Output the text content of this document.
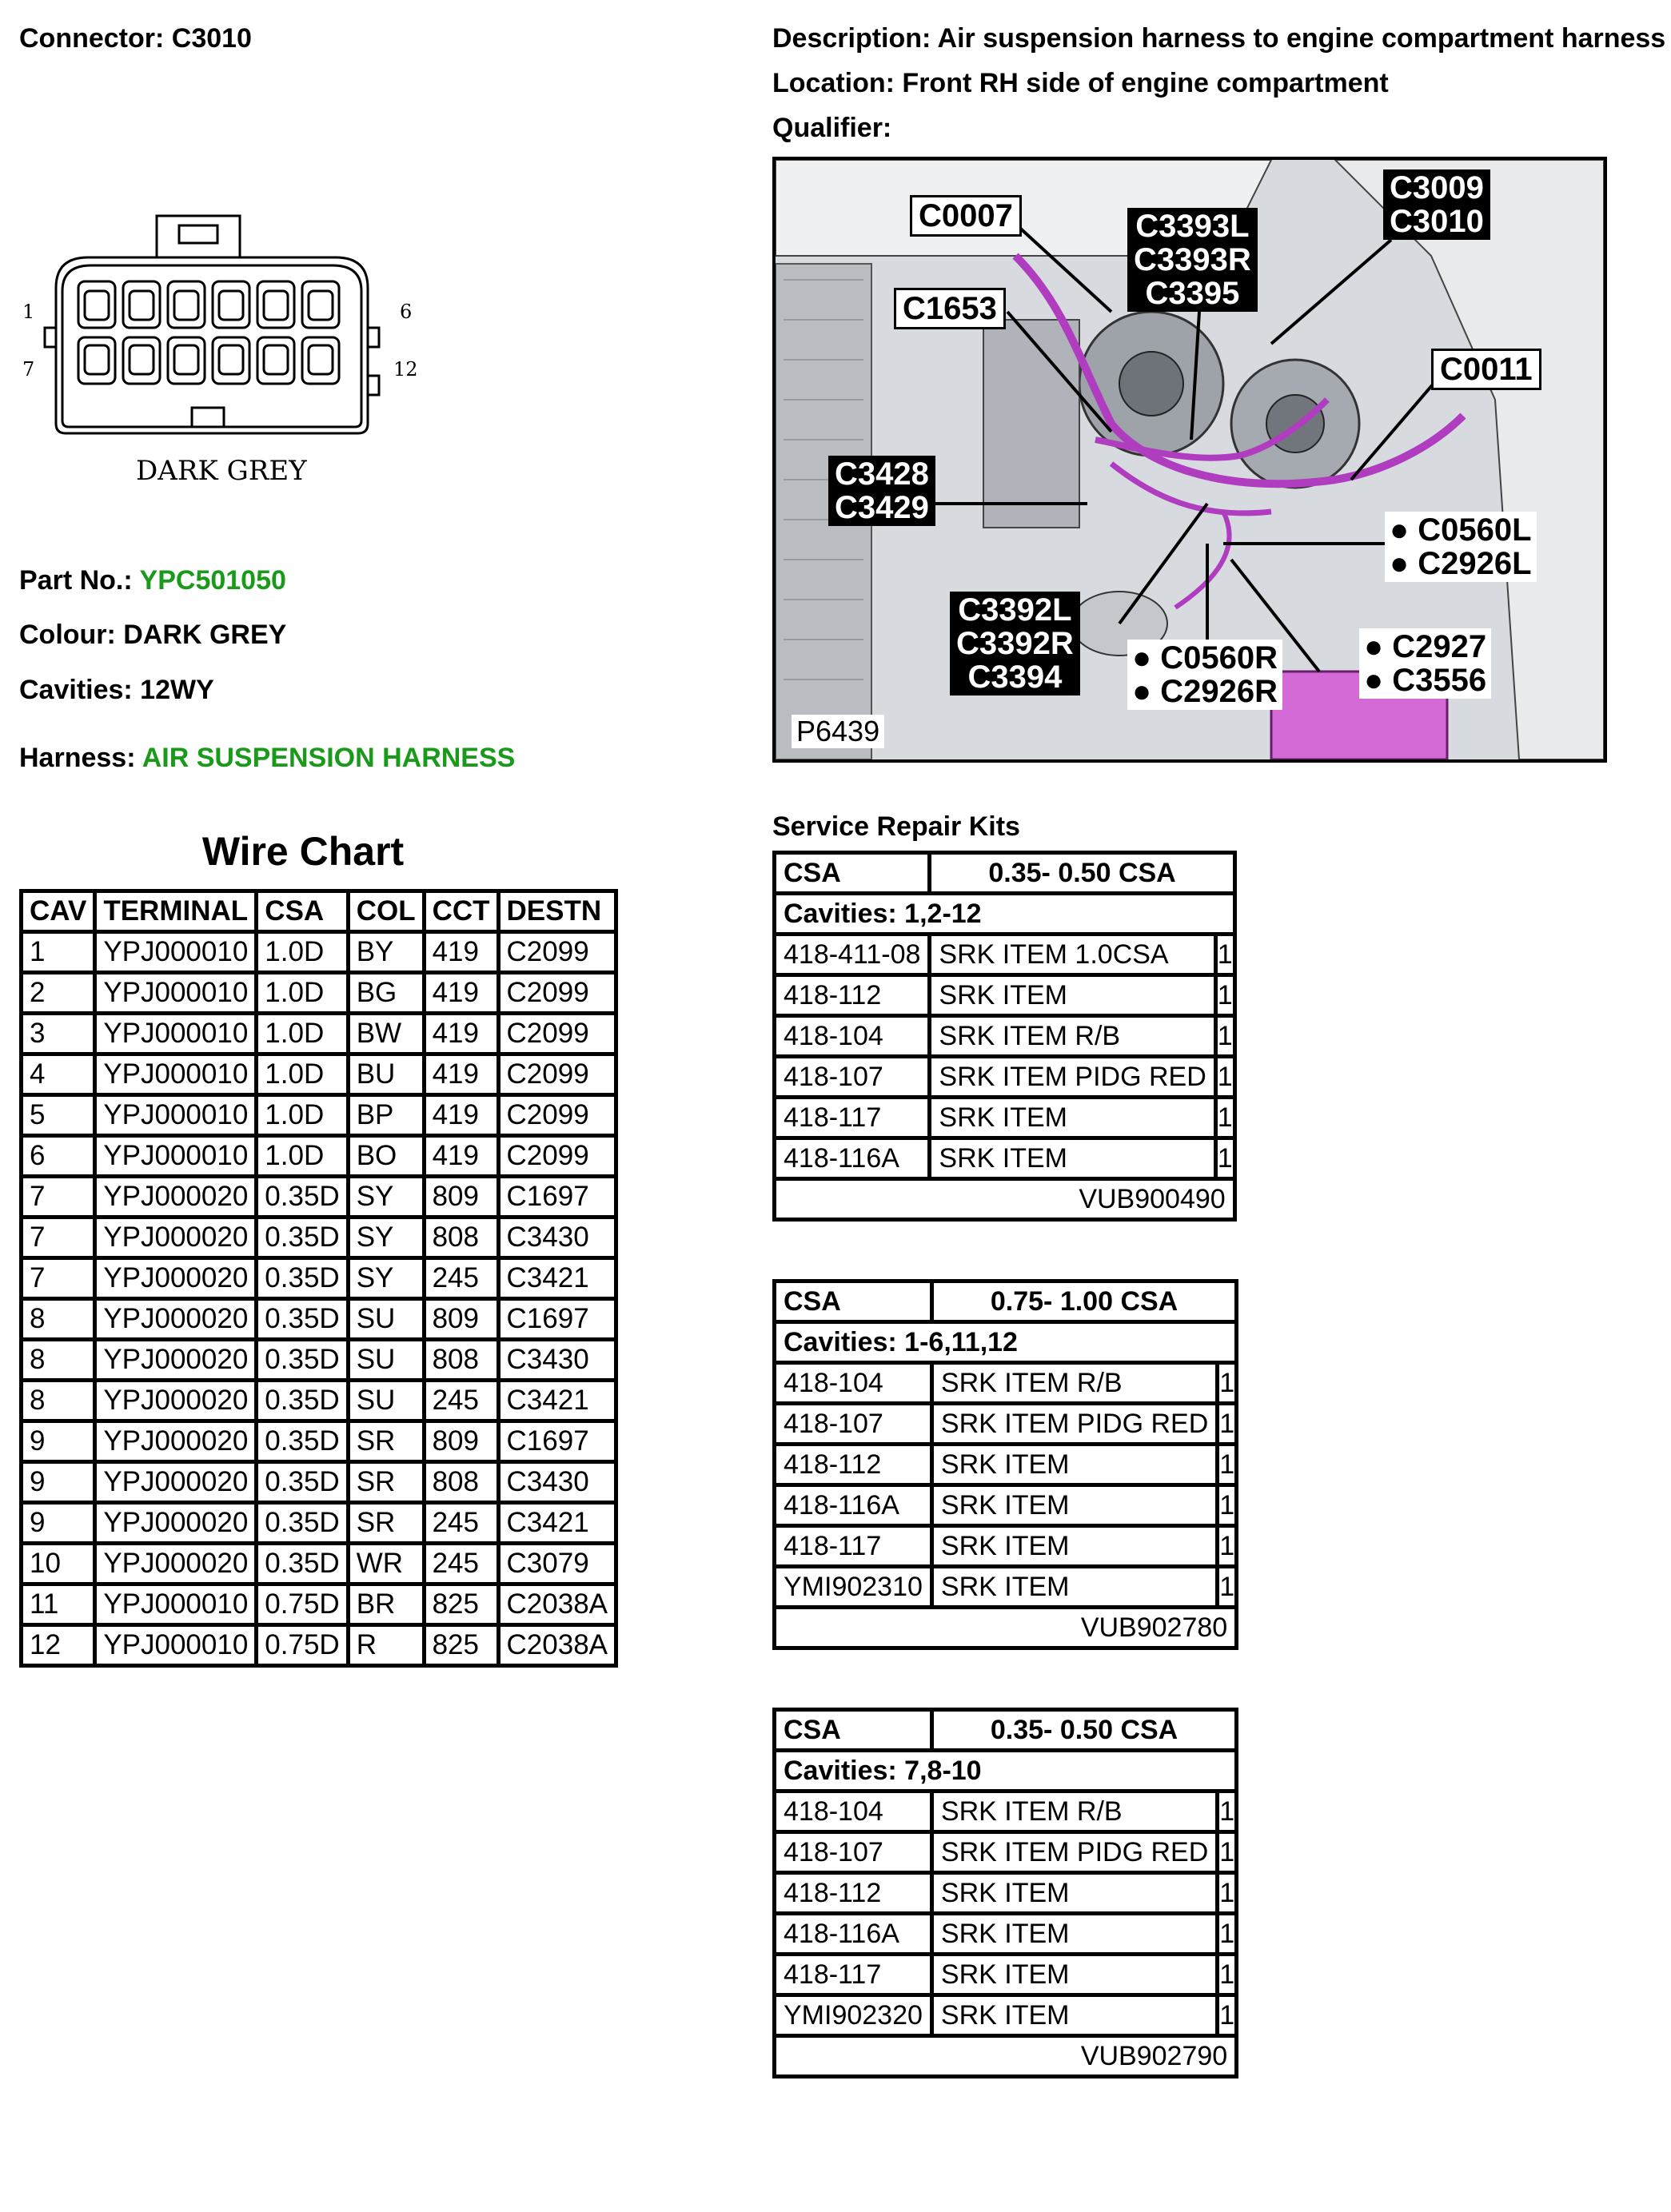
Connector: C3010	Description: Air suspension harness to engine compartment harness
Location: Front RH side of engine compartment
Qualifier:
1	6
7	12
DARK GREY
Part No.: YPC501050
Colour: DARK GREY
Cavities: 12WY
Harness: AIR SUSPENSION HARNESS
C0007
C1653
C3393L
C3393R
C3395
C3009
C3010
C0011
C3428
C3429
● C0560L
● C2926L
C3392L
C3392R
C3394
● C0560R
● C2926R
● C2927
● C3556
P6439
Wire Chart
CAV	TERMINAL	CSA	COL	CCT	DESTN
1	YPJ000010	1.0D	BY	419	C2099
2	YPJ000010	1.0D	BG	419	C2099
3	YPJ000010	1.0D	BW	419	C2099
4	YPJ000010	1.0D	BU	419	C2099
5	YPJ000010	1.0D	BP	419	C2099
6	YPJ000010	1.0D	BO	419	C2099
7	YPJ000020	0.35D	SY	809	C1697
7	YPJ000020	0.35D	SY	808	C3430
7	YPJ000020	0.35D	SY	245	C3421
8	YPJ000020	0.35D	SU	809	C1697
8	YPJ000020	0.35D	SU	808	C3430
8	YPJ000020	0.35D	SU	245	C3421
9	YPJ000020	0.35D	SR	809	C1697
9	YPJ000020	0.35D	SR	808	C3430
9	YPJ000020	0.35D	SR	245	C3421
10	YPJ000020	0.35D	WR	245	C3079
11	YPJ000010	0.75D	BR	825	C2038A
12	YPJ000010	0.75D	R	825	C2038A
Service Repair Kits
CSA	0.35- 0.50 CSA	
Cavities: 1,2-12		
418-411-08	SRK ITEM 1.0CSA	1
418-112	SRK ITEM	1
418-104	SRK ITEM R/B	1
418-107	SRK ITEM PIDG RED	1
418-117	SRK ITEM	1
418-116A	SRK ITEM	1
VUB900490		
CSA	0.75- 1.00 CSA	
Cavities: 1-6,11,12		
418-104	SRK ITEM R/B	1
418-107	SRK ITEM PIDG RED	1
418-112	SRK ITEM	1
418-116A	SRK ITEM	1
418-117	SRK ITEM	1
YMI902310	SRK ITEM	1
VUB902780		
CSA	0.35- 0.50 CSA	
Cavities: 7,8-10		
418-104	SRK ITEM R/B	1
418-107	SRK ITEM PIDG RED	1
418-112	SRK ITEM	1
418-116A	SRK ITEM	1
418-117	SRK ITEM	1
YMI902320	SRK ITEM	1
VUB902790		
